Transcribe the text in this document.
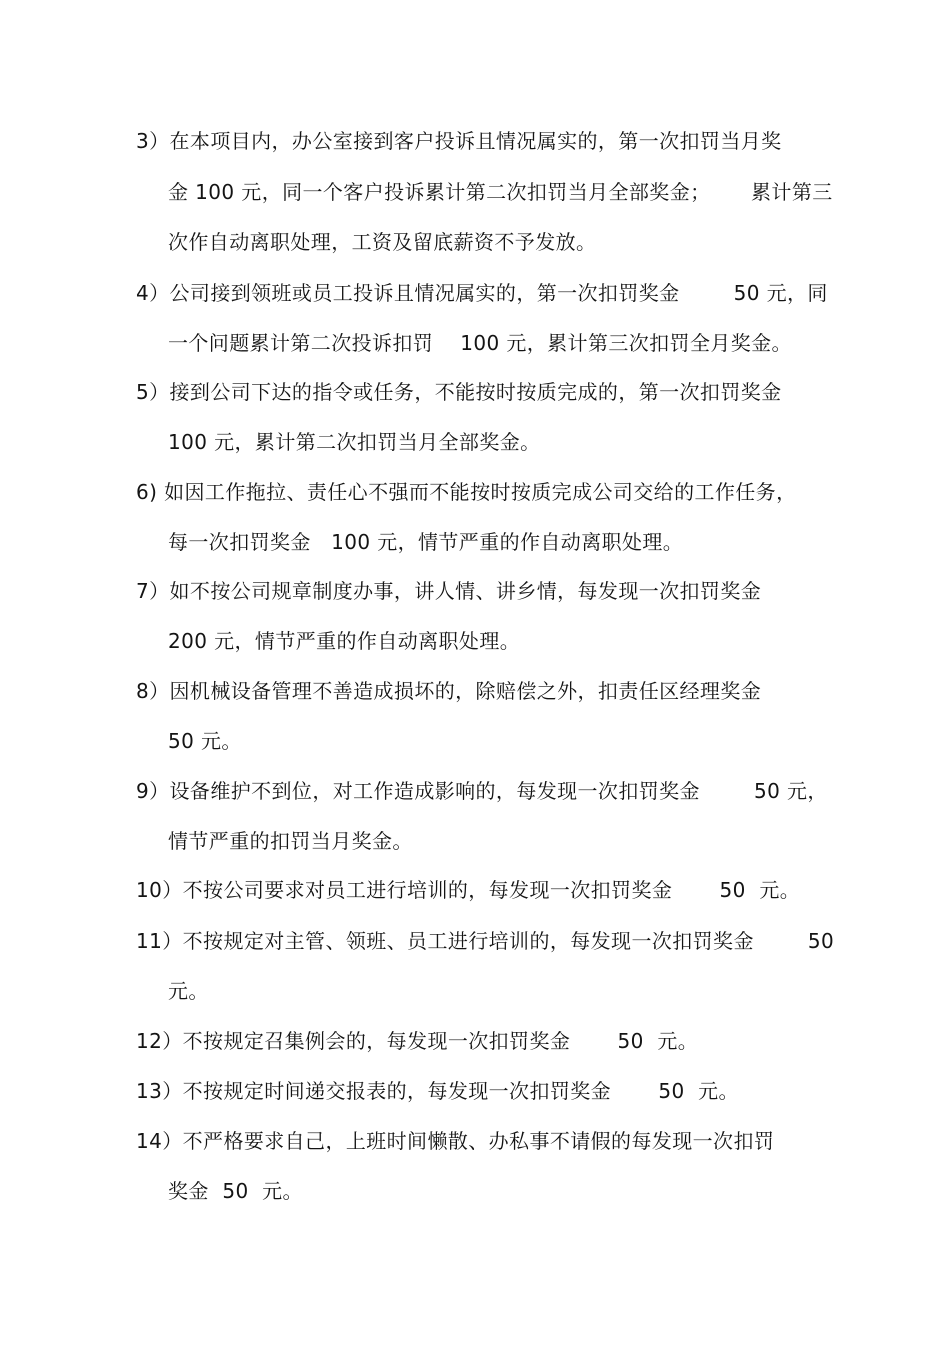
3）在本项目内，办公室接到客户投诉且情况属实的，第一次扣罚当月奖
金 100 元，同一个客户投诉累计第二次扣罚当月全部奖金；      累计第三
次作自动离职处理，工资及留底薪资不予发放。
4）公司接到领班或员工投诉且情况属实的，第一次扣罚奖金        50 元，同
一个问题累计第二次投诉扣罚    100 元，累计第三次扣罚全月奖金。
5）接到公司下达的指令或任务，不能按时按质完成的，第一次扣罚奖金
100 元，累计第二次扣罚当月全部奖金。
6) 如因工作拖拉、责任心不强而不能按时按质完成公司交给的工作任务，
每一次扣罚奖金   100 元，情节严重的作自动离职处理。
7）如不按公司规章制度办事，讲人情、讲乡情，每发现一次扣罚奖金
200 元，情节严重的作自动离职处理。
8）因机械设备管理不善造成损坏的，除赔偿之外，扣责任区经理奖金
50 元。
9）设备维护不到位，对工作造成影响的，每发现一次扣罚奖金        50 元，
情节严重的扣罚当月奖金。
10）不按公司要求对员工进行培训的，每发现一次扣罚奖金       50  元。
11）不按规定对主管、领班、员工进行培训的，每发现一次扣罚奖金        50
元。
12）不按规定召集例会的，每发现一次扣罚奖金       50  元。
13）不按规定时间递交报表的，每发现一次扣罚奖金       50  元。
14）不严格要求自己，上班时间懒散、办私事不请假的每发现一次扣罚
奖金  50  元。
